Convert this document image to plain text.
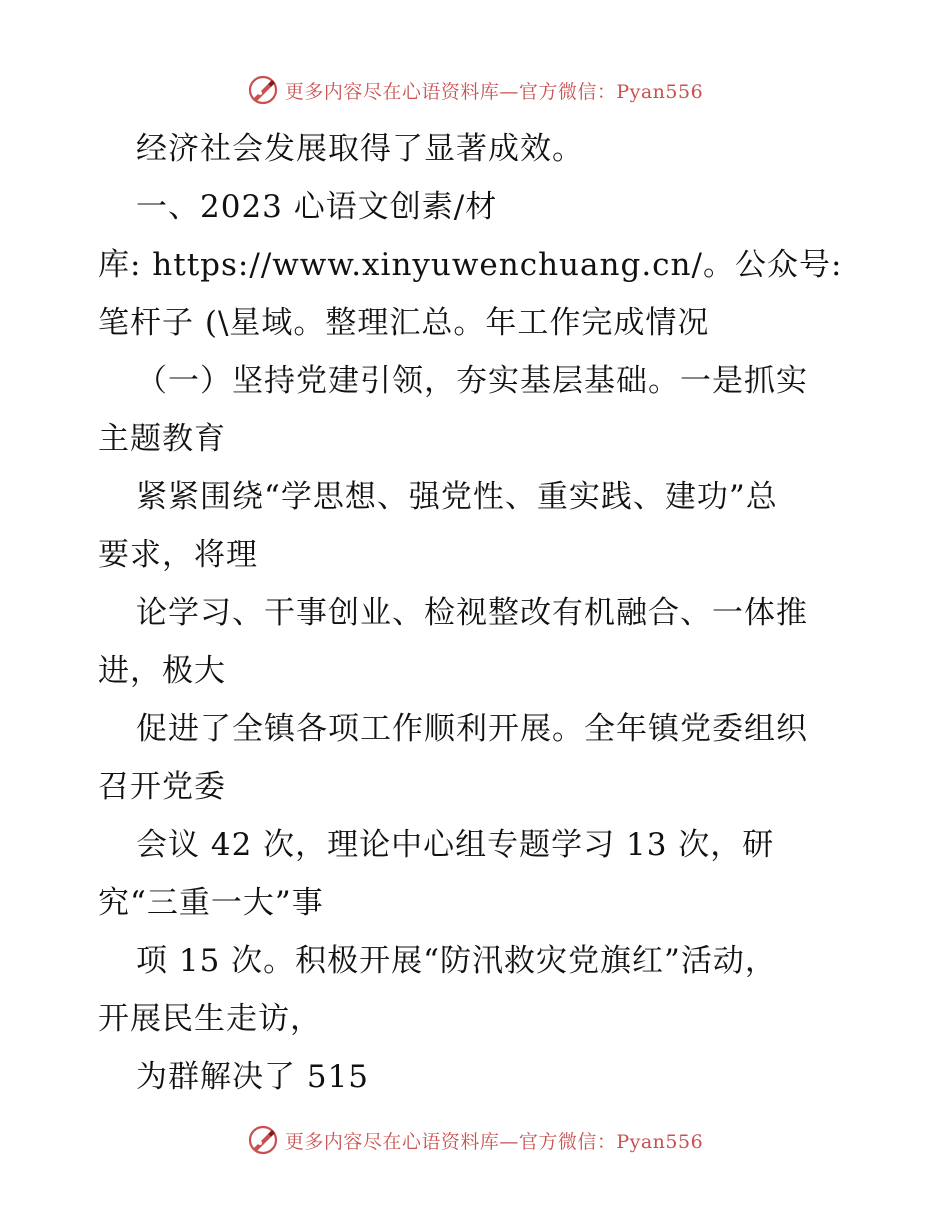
更多内容尽在心语资料库—官方微信：Pyan556
经济社会发展取得了显著成效。
一、2023 心语文创素/材
库: https://www.xinyuwenchuang.cn/。公众号:
笔杆子 (\星域。整理汇总。年工作完成情况
（一）坚持党建引领，夯实基层基础。一是抓实
主题教育
紧紧围绕“学思想、强党性、重实践、建功”总
要求，将理
论学习、干事创业、检视整改有机融合、一体推
进，极大
促进了全镇各项工作顺利开展。全年镇党委组织
召开党委
会议 42 次，理论中心组专题学习 13 次，研
究“三重一大”事
项 15 次。积极开展“防汛救灾党旗红”活动，
开展民生走访，
为群解决了 515
更多内容尽在心语资料库—官方微信：Pyan556
